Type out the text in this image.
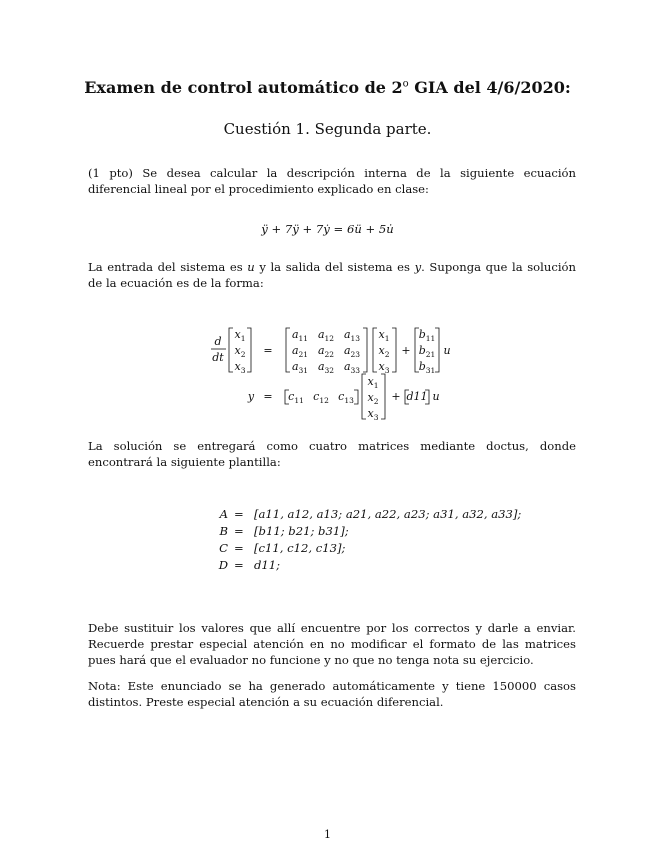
Examen de control automático de 2$^o$ GIA del 4/6/2020:
Cuestión 1. Segunda parte.
(1 pto) Se desea calcular la descripción interna de la siguiente ecuación diferencial lineal por el procedimiento explicado en clase:
ÿ + 7ÿ + 7ẏ = 6ü + 5u̇
La entrada del sistema es u y la salida del sistema es y. Suponga que la solución de la ecuación es de la forma:
d
dt
$x_1$
$x_2$
$x_3$
=
$a_{11}$ $a_{12}$ $a_{13}$
$a_{21}$ $a_{22}$ $a_{23}$
$a_{31}$ $a_{32}$ $a_{33}$
$x_1$
$x_2$
$x_3$
+
$b_{11}$
$b_{21}$
$b_{31}$
u
$y = c_{11}$ $c_{12}$ $c_{13}$
$x_1$
$x_2$
$x_3$
+ d11 u
La solución se entregará como cuatro matrices mediante doctus, donde encontrará la siguiente plantilla:
A = [a11, a12, a13; a21, a22, a23; a31, a32, a33];
B = [b11; b21; b31];
C = [c11, c12, c13];
D = d11;
Debe sustituir los valores que allí encuentre por los correctos y darle a enviar. Recuerde prestar especial atención en no modificar el formato de las matrices pues hará que el evaluador no funcione y no que no tenga nota su ejercicio.
Nota: Este enunciado se ha generado automáticamente y tiene 150000 casos distintos. Preste especial atención a su ecuación diferencial.
1
